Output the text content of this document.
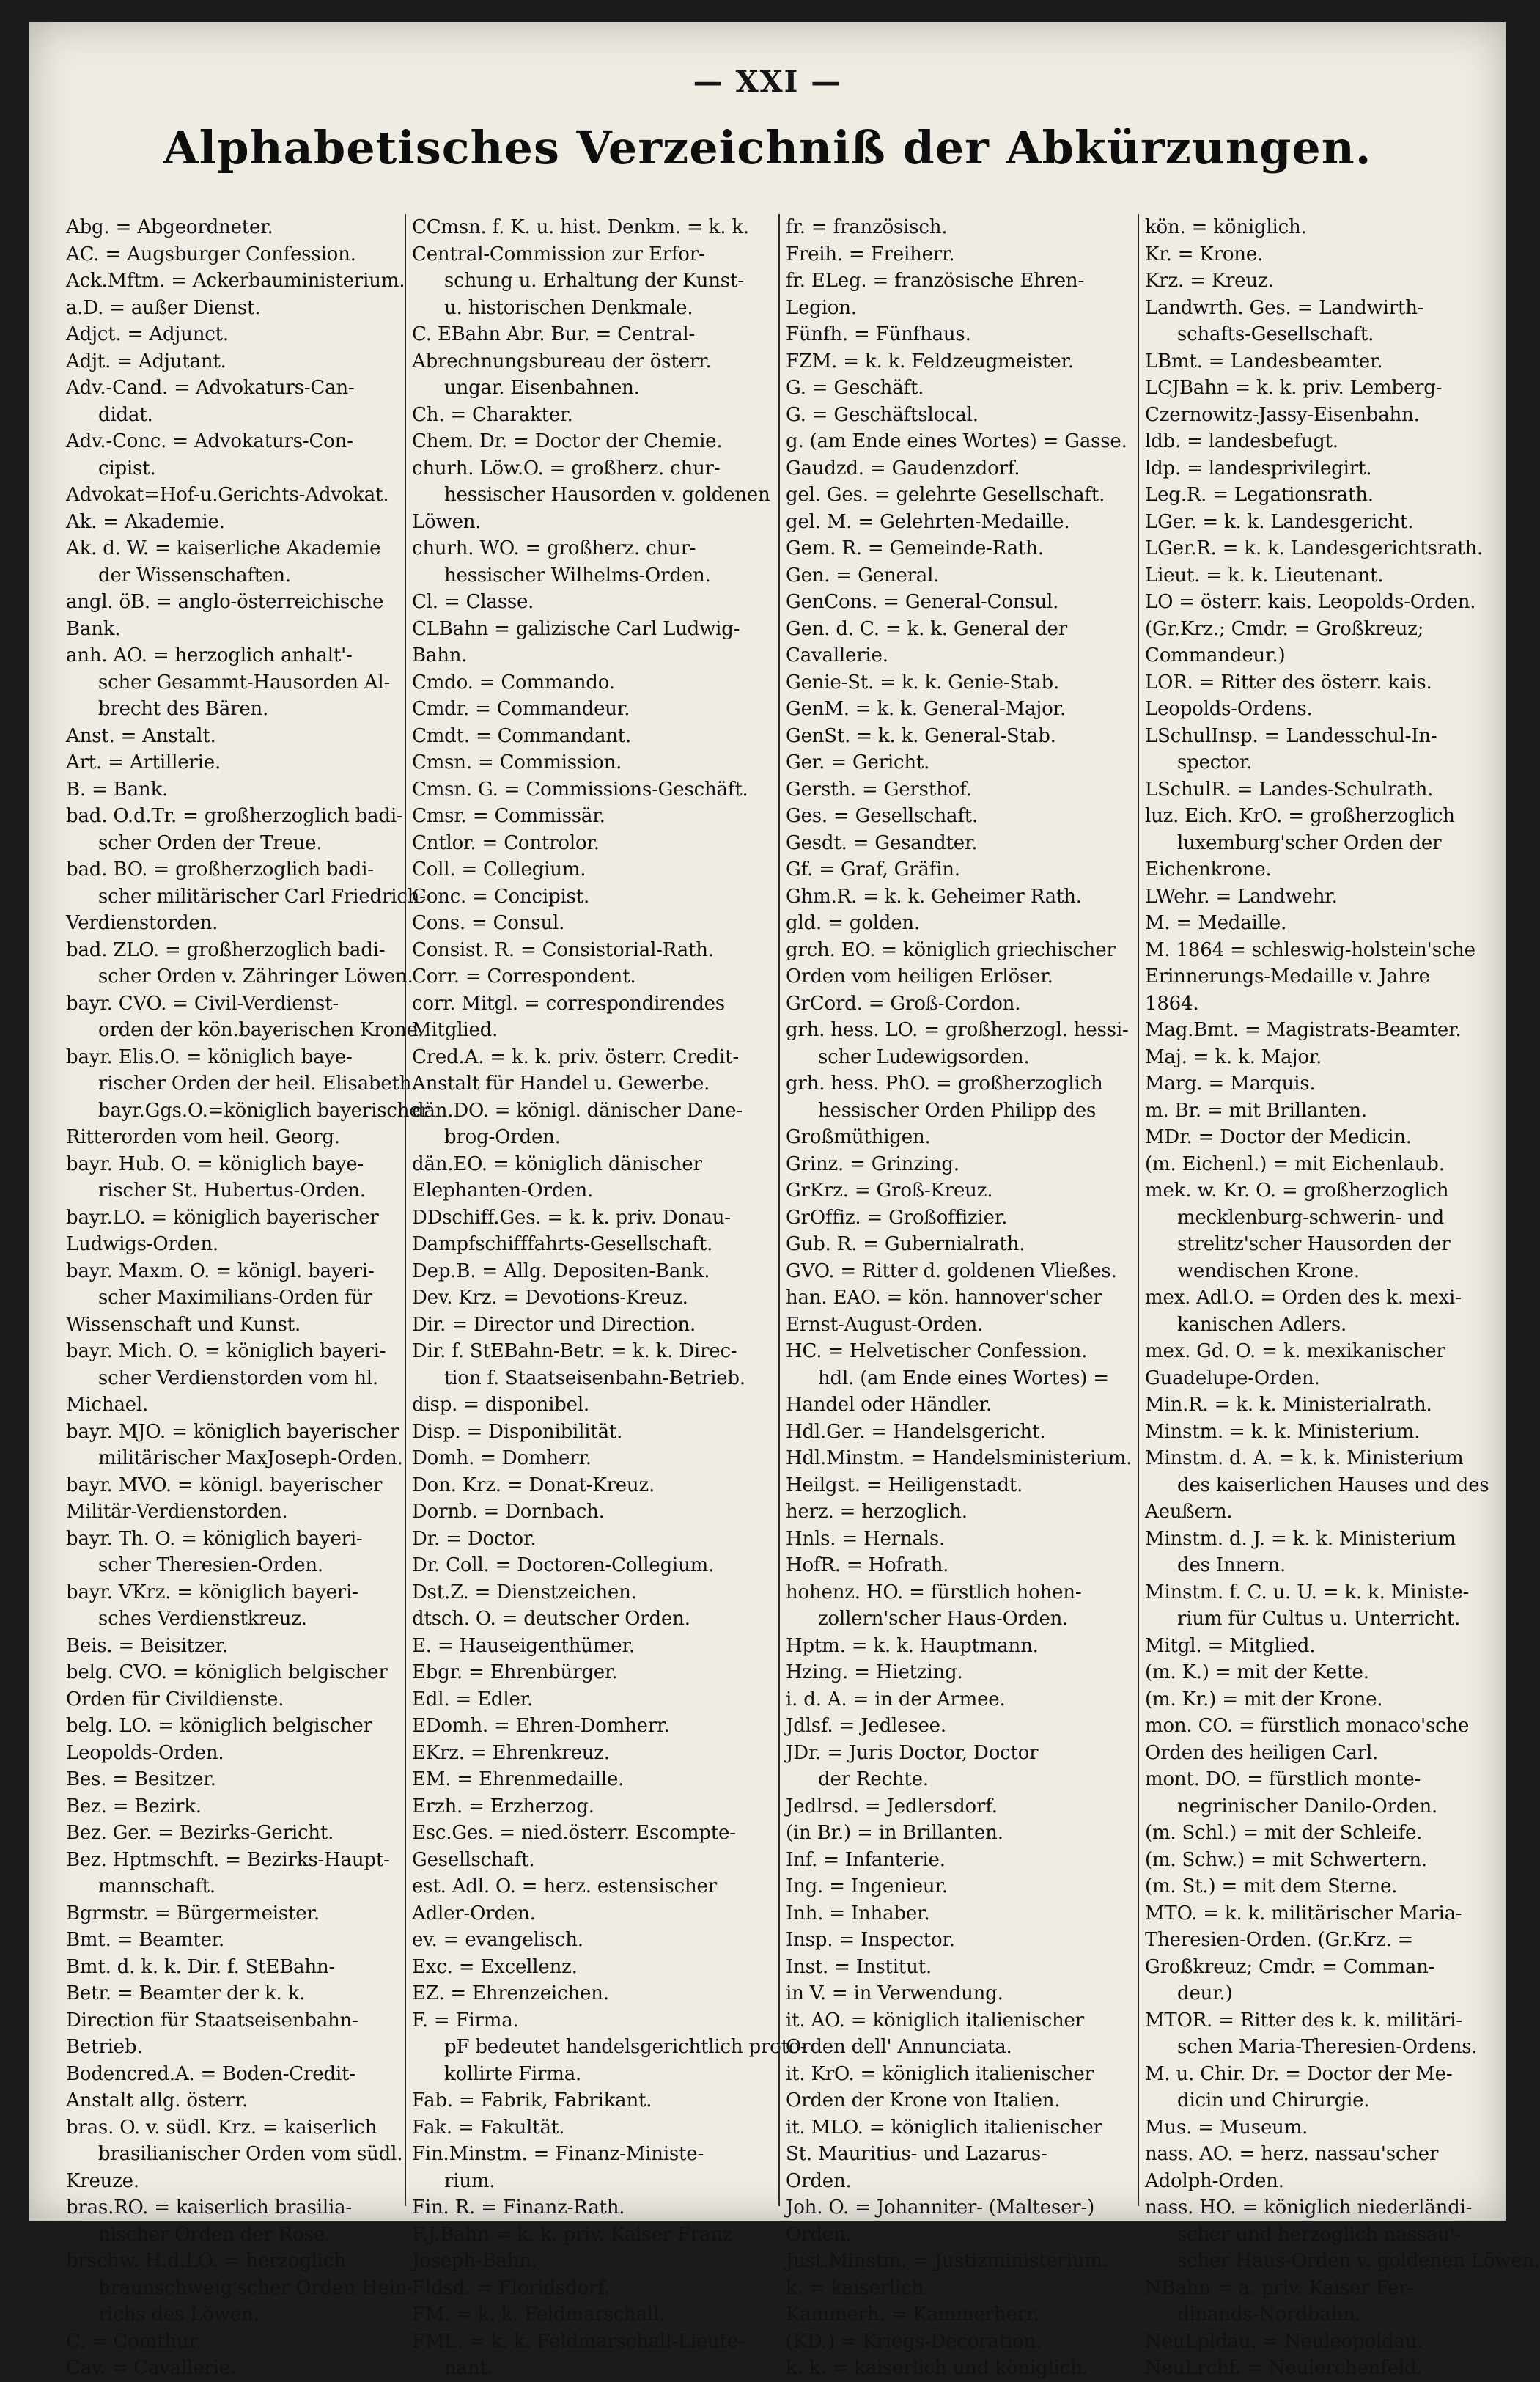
— XXI —
Alphabetisches Verzeichniß der Abkürzungen.
Abg. = Abgeordneter.
AC. = Augsburger Confession.
Ack.Mftm. = Ackerbauministerium.
a.D. = außer Dienst.
Adjct. = Adjunct.
Adjt. = Adjutant.
Adv.-Cand. = Advokaturs-Can-
didat.
Adv.-Conc. = Advokaturs-Con-
cipist.
Advokat=Hof-u.Gerichts-Advokat.
Ak. = Akademie.
Ak. d. W. = kaiserliche Akademie
der Wissenschaften.
angl. öB. = anglo-österreichische
Bank.
anh. AO. = herzoglich anhalt'-
scher Gesammt-Hausorden Al-
brecht des Bären.
Anst. = Anstalt.
Art. = Artillerie.
B. = Bank.
bad. O.d.Tr. = großherzoglich badi-
scher Orden der Treue.
bad. BO. = großherzoglich badi-
scher militärischer Carl Friedrich-
Verdienstorden.
bad. ZLO. = großherzoglich badi-
scher Orden v. Zähringer Löwen.
bayr. CVO. = Civil-Verdienst-
orden der kön.bayerischen Krone.
bayr. Elis.O. = königlich baye-
rischer Orden der heil. Elisabeth.
bayr.Ggs.O.=königlich bayerischer
Ritterorden vom heil. Georg.
bayr. Hub. O. = königlich baye-
rischer St. Hubertus-Orden.
bayr.LO. = königlich bayerischer
Ludwigs-Orden.
bayr. Maxm. O. = königl. bayeri-
scher Maximilians-Orden für
Wissenschaft und Kunst.
bayr. Mich. O. = königlich bayeri-
scher Verdienstorden vom hl.
Michael.
bayr. MJO. = königlich bayerischer
militärischer MaxJoseph-Orden.
bayr. MVO. = königl. bayerischer
Militär-Verdienstorden.
bayr. Th. O. = königlich bayeri-
scher Theresien-Orden.
bayr. VKrz. = königlich bayeri-
sches Verdienstkreuz.
Beis. = Beisitzer.
belg. CVO. = königlich belgischer
Orden für Civildienste.
belg. LO. = königlich belgischer
Leopolds-Orden.
Bes. = Besitzer.
Bez. = Bezirk.
Bez. Ger. = Bezirks-Gericht.
Bez. Hptmschft. = Bezirks-Haupt-
mannschaft.
Bgrmstr. = Bürgermeister.
Bmt. = Beamter.
Bmt. d. k. k. Dir. f. StEBahn-
Betr. = Beamter der k. k.
Direction für Staatseisenbahn-
Betrieb.
Bodencred.A. = Boden-Credit-
Anstalt allg. österr.
bras. O. v. südl. Krz. = kaiserlich
brasilianischer Orden vom südl.
Kreuze.
bras.RO. = kaiserlich brasilia-
nischer Orden der Rose.
brschw. H.d.LO. = herzoglich
braunschweig'scher Orden Hein-
richs des Löwen.
C. = Comthur.
Cav. = Cavallerie.
CCmsn. f. K. u. hist. Denkm. = k. k.
Central-Commission zur Erfor-
schung u. Erhaltung der Kunst-
u. historischen Denkmale.
C. EBahn Abr. Bur. = Central-
Abrechnungsbureau der österr.
ungar. Eisenbahnen.
Ch. = Charakter.
Chem. Dr. = Doctor der Chemie.
churh. Löw.O. = großherz. chur-
hessischer Hausorden v. goldenen
Löwen.
churh. WO. = großherz. chur-
hessischer Wilhelms-Orden.
Cl. = Classe.
CLBahn = galizische Carl Ludwig-
Bahn.
Cmdo. = Commando.
Cmdr. = Commandeur.
Cmdt. = Commandant.
Cmsn. = Commission.
Cmsn. G. = Commissions-Geschäft.
Cmsr. = Commissär.
Cntlor. = Controlor.
Coll. = Collegium.
Conc. = Concipist.
Cons. = Consul.
Consist. R. = Consistorial-Rath.
Corr. = Correspondent.
corr. Mitgl. = correspondirendes
Mitglied.
Cred.A. = k. k. priv. österr. Credit-
Anstalt für Handel u. Gewerbe.
dän.DO. = königl. dänischer Dane-
brog-Orden.
dän.EO. = königlich dänischer
Elephanten-Orden.
DDschiff.Ges. = k. k. priv. Donau-
Dampfschifffahrts-Gesellschaft.
Dep.B. = Allg. Depositen-Bank.
Dev. Krz. = Devotions-Kreuz.
Dir. = Director und Direction.
Dir. f. StEBahn-Betr. = k. k. Direc-
tion f. Staatseisenbahn-Betrieb.
disp. = disponibel.
Disp. = Disponibilität.
Domh. = Domherr.
Don. Krz. = Donat-Kreuz.
Dornb. = Dornbach.
Dr. = Doctor.
Dr. Coll. = Doctoren-Collegium.
Dst.Z. = Dienstzeichen.
dtsch. O. = deutscher Orden.
E. = Hauseigenthümer.
Ebgr. = Ehrenbürger.
Edl. = Edler.
EDomh. = Ehren-Domherr.
EKrz. = Ehrenkreuz.
EM. = Ehrenmedaille.
Erzh. = Erzherzog.
Esc.Ges. = nied.österr. Escompte-
Gesellschaft.
est. Adl. O. = herz. estensischer
Adler-Orden.
ev. = evangelisch.
Exc. = Excellenz.
EZ. = Ehrenzeichen.
F. = Firma.
pF bedeutet handelsgerichtlich proto-
kollirte Firma.
Fab. = Fabrik, Fabrikant.
Fak. = Fakultät.
Fin.Minstm. = Finanz-Ministe-
rium.
Fin. R. = Finanz-Rath.
F.J.Bahn = k. k. priv. Kaiser Franz
Joseph-Bahn.
Fldsd. = Floridsdorf.
FM. = k. k. Feldmarschall.
FML. = k. k. Feldmarschall-Lieute-
nant.
fr. = französisch.
Freih. = Freiherr.
fr. ELeg. = französische Ehren-
Legion.
Fünfh. = Fünfhaus.
FZM. = k. k. Feldzeugmeister.
G. = Geschäft.
G. = Geschäftslocal.
g. (am Ende eines Wortes) = Gasse.
Gaudzd. = Gaudenzdorf.
gel. Ges. = gelehrte Gesellschaft.
gel. M. = Gelehrten-Medaille.
Gem. R. = Gemeinde-Rath.
Gen. = General.
GenCons. = General-Consul.
Gen. d. C. = k. k. General der
Cavallerie.
Genie-St. = k. k. Genie-Stab.
GenM. = k. k. General-Major.
GenSt. = k. k. General-Stab.
Ger. = Gericht.
Gersth. = Gersthof.
Ges. = Gesellschaft.
Gesdt. = Gesandter.
Gf. = Graf, Gräfin.
Ghm.R. = k. k. Geheimer Rath.
gld. = golden.
grch. EO. = königlich griechischer
Orden vom heiligen Erlöser.
GrCord. = Groß-Cordon.
grh. hess. LO. = großherzogl. hessi-
scher Ludewigsorden.
grh. hess. PhO. = großherzoglich
hessischer Orden Philipp des
Großmüthigen.
Grinz. = Grinzing.
GrKrz. = Groß-Kreuz.
GrOffiz. = Großoffizier.
Gub. R. = Gubernialrath.
GVO. = Ritter d. goldenen Vließes.
han. EAO. = kön. hannover'scher
Ernst-August-Orden.
HC. = Helvetischer Confession.
hdl. (am Ende eines Wortes) =
Handel oder Händler.
Hdl.Ger. = Handelsgericht.
Hdl.Minstm. = Handelsministerium.
Heilgst. = Heiligenstadt.
herz. = herzoglich.
Hnls. = Hernals.
HofR. = Hofrath.
hohenz. HO. = fürstlich hohen-
zollern'scher Haus-Orden.
Hptm. = k. k. Hauptmann.
Hzing. = Hietzing.
i. d. A. = in der Armee.
Jdlsf. = Jedlesee.
JDr. = Juris Doctor, Doctor
der Rechte.
Jedlrsd. = Jedlersdorf.
(in Br.) = in Brillanten.
Inf. = Infanterie.
Ing. = Ingenieur.
Inh. = Inhaber.
Insp. = Inspector.
Inst. = Institut.
in V. = in Verwendung.
it. AO. = königlich italienischer
Orden dell' Annunciata.
it. KrO. = königlich italienischer
Orden der Krone von Italien.
it. MLO. = königlich italienischer
St. Mauritius- und Lazarus-
Orden.
Joh. O. = Johanniter- (Malteser-)
Orden.
Just.Minstm. = Justizministerium.
k. = kaiserlich.
Kammerh. = Kammerherr.
(KD.) = Kriegs-Decoration.
k. k. = kaiserlich und königlich.
kön. = königlich.
Kr. = Krone.
Krz. = Kreuz.
Landwrth. Ges. = Landwirth-
schafts-Gesellschaft.
LBmt. = Landesbeamter.
LCJBahn = k. k. priv. Lemberg-
Czernowitz-Jassy-Eisenbahn.
ldb. = landesbefugt.
ldp. = landesprivilegirt.
Leg.R. = Legationsrath.
LGer. = k. k. Landesgericht.
LGer.R. = k. k. Landesgerichtsrath.
Lieut. = k. k. Lieutenant.
LO = österr. kais. Leopolds-Orden.
(Gr.Krz.; Cmdr. = Großkreuz;
Commandeur.)
LOR. = Ritter des österr. kais.
Leopolds-Ordens.
LSchulInsp. = Landesschul-In-
spector.
LSchulR. = Landes-Schulrath.
luz. Eich. KrO. = großherzoglich
luxemburg'scher Orden der
Eichenkrone.
LWehr. = Landwehr.
M. = Medaille.
M. 1864 = schleswig-holstein'sche
Erinnerungs-Medaille v. Jahre
1864.
Mag.Bmt. = Magistrats-Beamter.
Maj. = k. k. Major.
Marg. = Marquis.
m. Br. = mit Brillanten.
MDr. = Doctor der Medicin.
(m. Eichenl.) = mit Eichenlaub.
mek. w. Kr. O. = großherzoglich
mecklenburg-schwerin- und
strelitz'scher Hausorden der
wendischen Krone.
mex. Adl.O. = Orden des k. mexi-
kanischen Adlers.
mex. Gd. O. = k. mexikanischer
Guadelupe-Orden.
Min.R. = k. k. Ministerialrath.
Minstm. = k. k. Ministerium.
Minstm. d. A. = k. k. Ministerium
des kaiserlichen Hauses und des
Aeußern.
Minstm. d. J. = k. k. Ministerium
des Innern.
Minstm. f. C. u. U. = k. k. Ministe-
rium für Cultus u. Unterricht.
Mitgl. = Mitglied.
(m. K.) = mit der Kette.
(m. Kr.) = mit der Krone.
mon. CO. = fürstlich monaco'sche
Orden des heiligen Carl.
mont. DO. = fürstlich monte-
negrinischer Danilo-Orden.
(m. Schl.) = mit der Schleife.
(m. Schw.) = mit Schwertern.
(m. St.) = mit dem Sterne.
MTO. = k. k. militärischer Maria-
Theresien-Orden. (Gr.Krz. =
Großkreuz; Cmdr. = Comman-
deur.)
MTOR. = Ritter des k. k. militäri-
schen Maria-Theresien-Ordens.
M. u. Chir. Dr. = Doctor der Me-
dicin und Chirurgie.
Mus. = Museum.
nass. AO. = herz. nassau'scher
Adolph-Orden.
nass. HO. = königlich niederländi-
scher und herzoglich nassau'-
scher Haus-Orden v. goldenen Löwen.
NBahn = a. priv. Kaiser Fer-
dinands-Nordbahn.
NeuLpldau. = Neuleopoldau.
NeuLrchf. = Neulerchenfeld.
